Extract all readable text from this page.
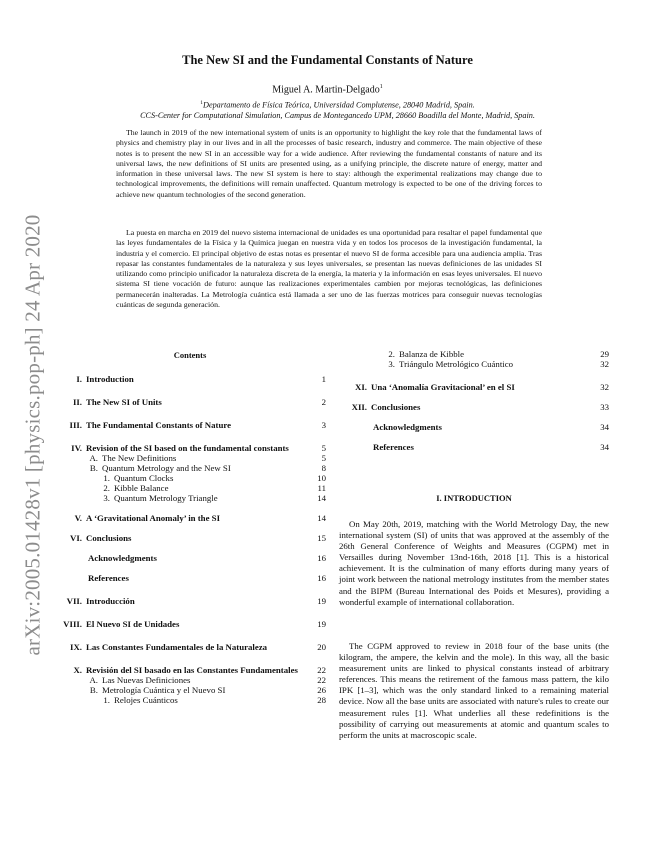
arXiv:2005.01428v1 [physics.pop-ph] 24 Apr 2020
The New SI and the Fundamental Constants of Nature
Miguel A. Martin-Delgado$^1$
$^1$Departamento de Física Teórica, Universidad Complutense, 28040 Madrid, Spain.
CCS-Center for Computational Simulation, Campus de Montegancedo UPM, 28660 Boadilla del Monte, Madrid, Spain.

The launch in 2019 of the new international system of units is an opportunity to highlight the key role that the fundamental laws of physics and chemistry play in our lives and in all the processes of basic research, industry and commerce. The main objective of these notes is to present the new SI in an accessible way for a wide audience. After reviewing the fundamental constants of nature and its universal laws, the new definitions of SI units are presented using, as a unifying principle, the discrete nature of energy, matter and information in these universal laws. The new SI system is here to stay: although the experimental realizations may change due to technological improvements, the definitions will remain unaffected. Quantum metrology is expected to be one of the driving forces to achieve new quantum technologies of the second generation.

La puesta en marcha en 2019 del nuevo sistema internacional de unidades es una oportunidad para resaltar el papel fundamental que las leyes fundamentales de la Física y la Química juegan en nuestra vida y en todos los procesos de la investigación fundamental, la industria y el comercio. El principal objetivo de estas notas es presentar el nuevo SI de forma accesible para una audiencia amplia. Tras repasar las constantes fundamentales de la naturaleza y sus leyes universales, se presentan las nuevas definiciones de las unidades SI utilizando como principio unificador la naturaleza discreta de la energía, la materia y la información en esas leyes universales. El nuevo sistema SI tiene vocación de futuro: aunque las realizaciones experimentales cambien por mejoras tecnológicas, las definiciones permanecerán inalteradas. La Metrología cuántica está llamada a ser uno de las fuerzas motrices para conseguir nuevas tecnologías cuánticas de segunda generación.

Contents
I. Introduction	1
II. The New SI of Units	2
III. The Fundamental Constants of Nature	3
IV. Revision of the SI based on the fundamental constants	5
A. The New Definitions	5
B. Quantum Metrology and the New SI	8
1. Quantum Clocks	10
2. Kibble Balance	11
3. Quantum Metrology Triangle	14
V. A ‘Gravitational Anomaly’ in the SI	14
VI. Conclusions	15
Acknowledgments	16
References	16
VII. Introducción	19
VIII. El Nuevo SI de Unidades	19
IX. Las Constantes Fundamentales de la Naturaleza	20
X. Revisión del SI basado en las Constantes Fundamentales	22
A. Las Nuevas Definiciones	22
B. Metrología Cuántica y el Nuevo SI	26
1. Relojes Cuánticos	28
2. Balanza de Kibble	29
3. Triángulo Metrológico Cuántico	32
XI. Una ‘Anomalía Gravitacional’ en el SI	32
XII. Conclusiones	33
Acknowledgments	34
References	34
I. INTRODUCTION

On May 20th, 2019, matching with the World Metrology Day, the new international system (SI) of units that was approved at the assembly of the 26th General Conference of Weights and Measures (CGPM) met in Versailles during November 13nd-16th, 2018 [1]. This is a historical achievement. It is the culmination of many efforts during many years of joint work between the national metrology institutes from the member states and the BIPM (Bureau International des Poids et Mesures), providing a wonderful example of international collaboration.

The CGPM approved to review in 2018 four of the base units (the kilogram, the ampere, the kelvin and the mole). In this way, all the basic measurement units are linked to physical constants instead of arbitrary references. This means the retirement of the famous mass pattern, the kilo IPK [1–3], which was the only standard linked to a remaining material device. Now all the base units are associated with nature's rules to create our measurement rules [1]. What underlies all these redefinitions is the possibility of carrying out measurements at atomic and quantum scales to perform the units at macroscopic scale.
